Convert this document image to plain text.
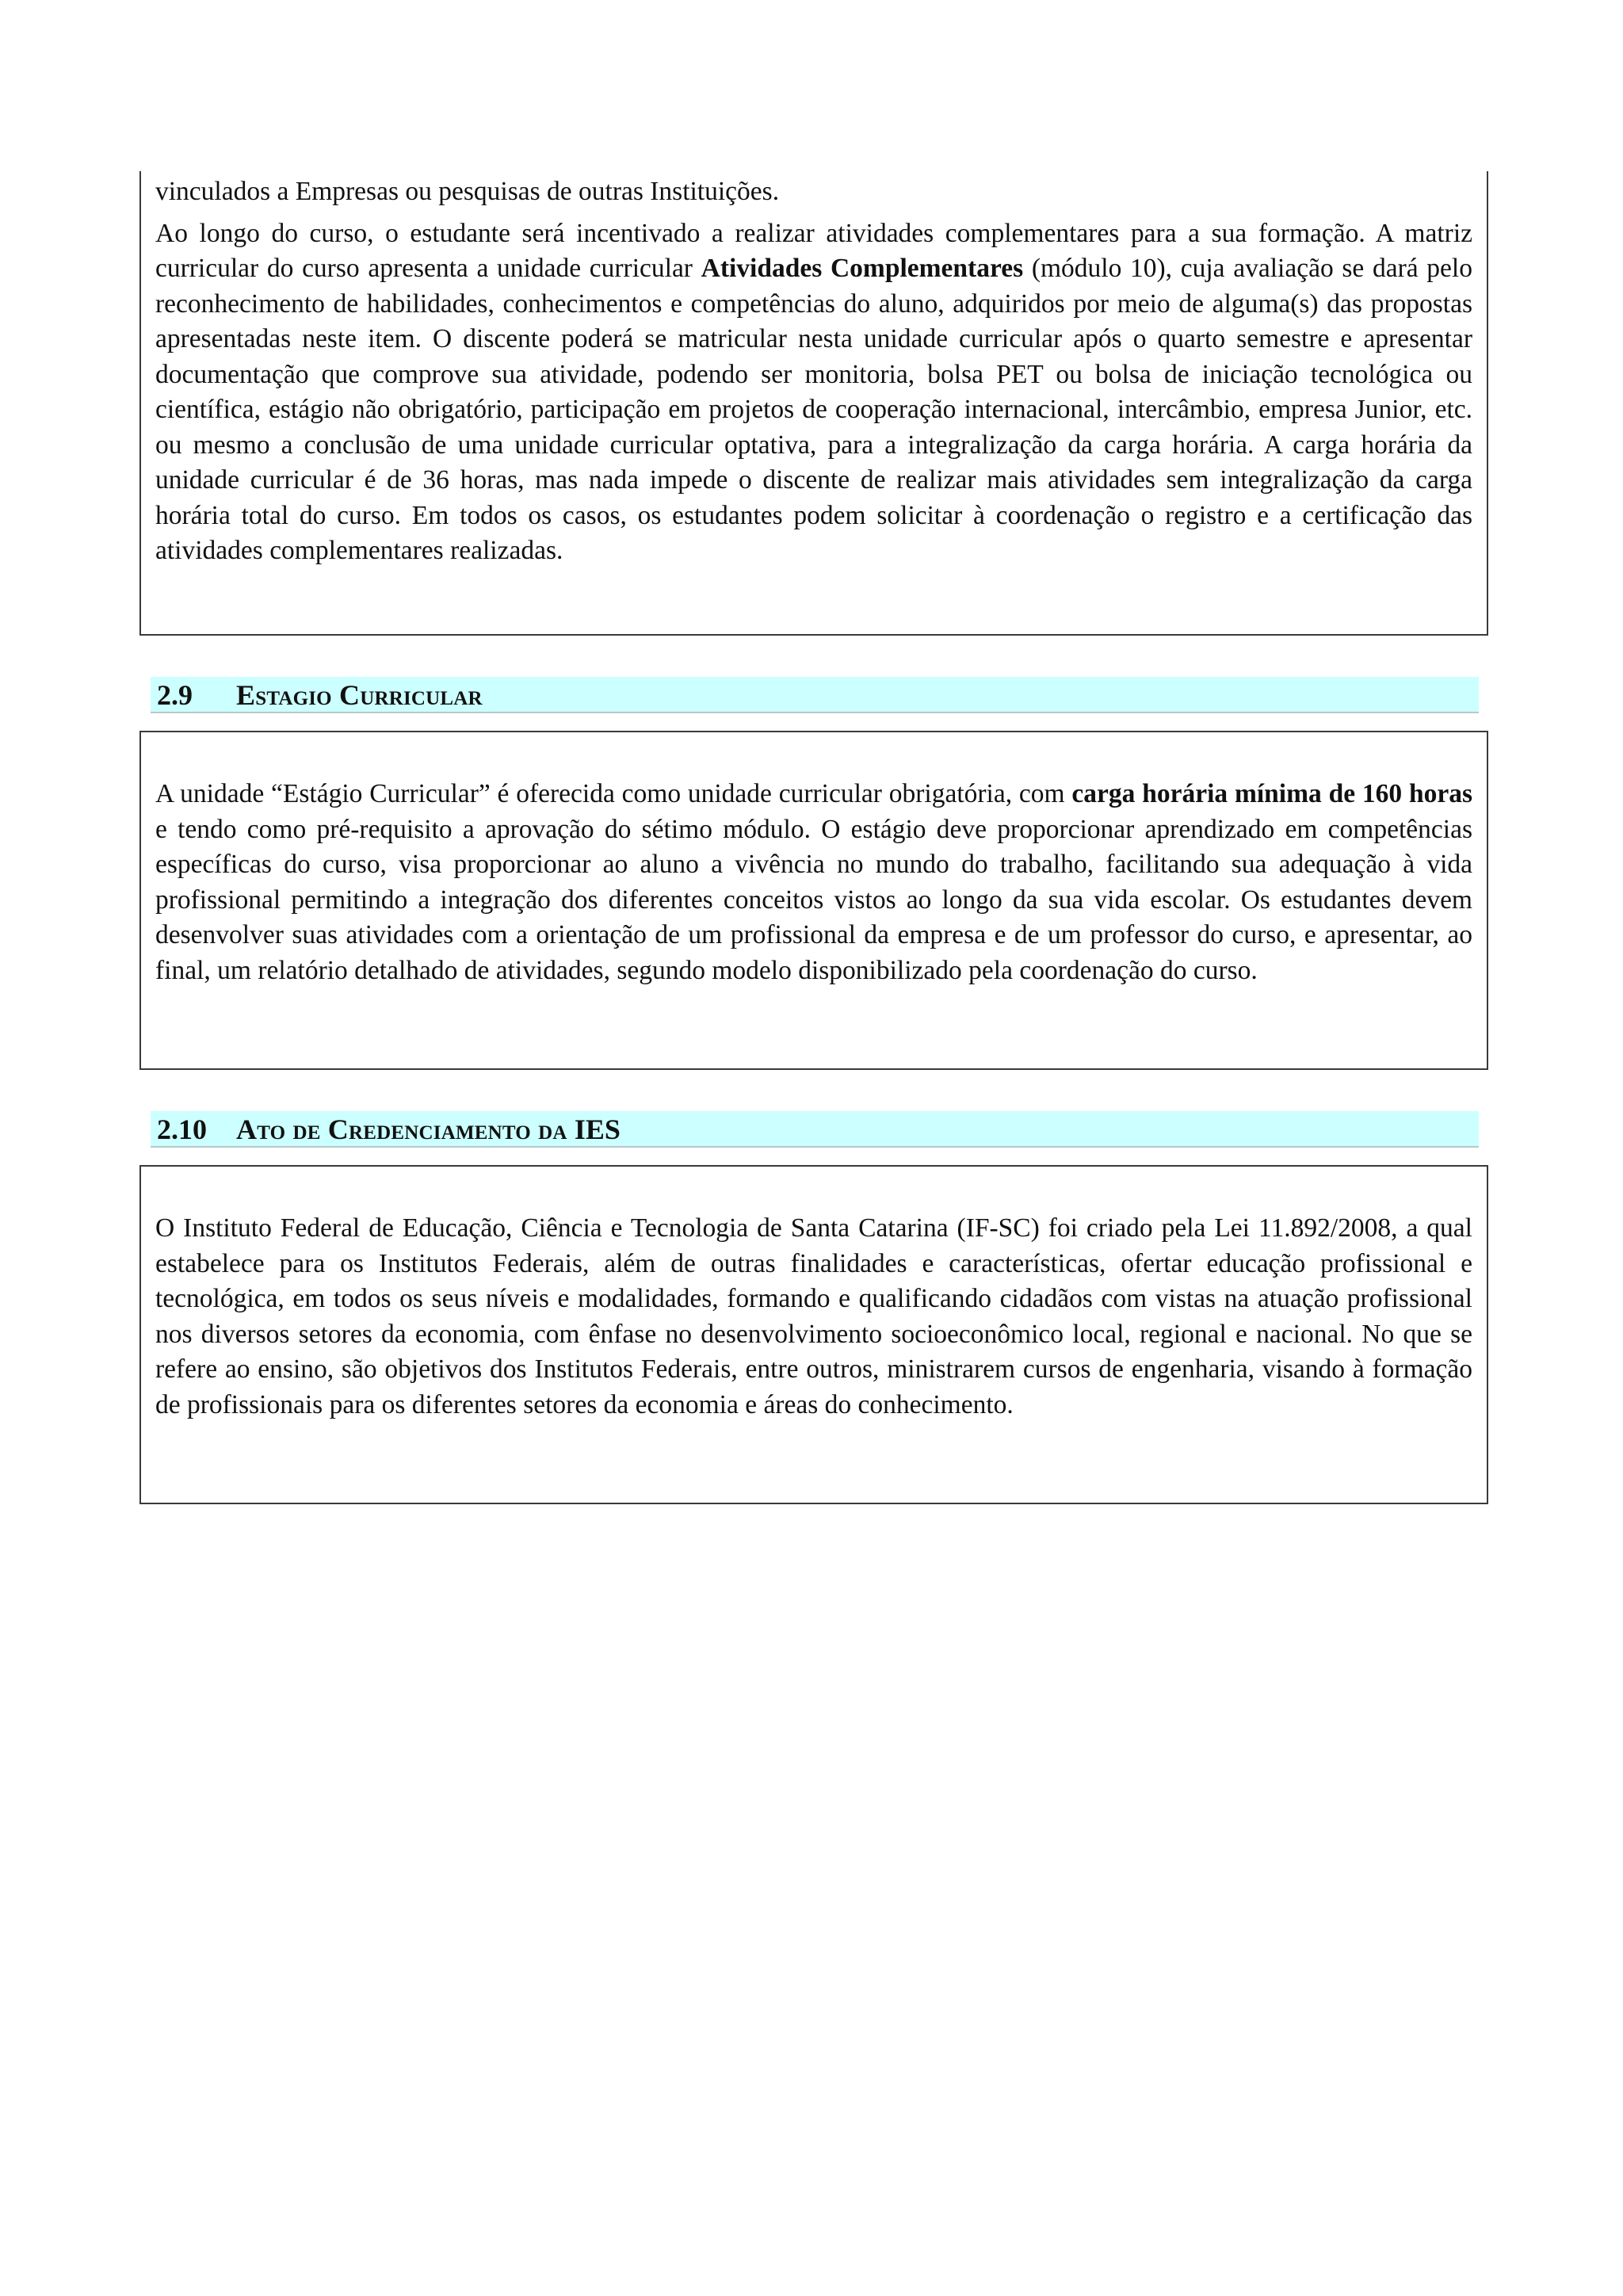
vinculados a Empresas ou pesquisas de outras Instituições.

Ao longo do curso, o estudante será incentivado a realizar atividades complementares para a sua formação. A matriz curricular do curso apresenta a unidade curricular Atividades Complementares (módulo 10), cuja avaliação se dará pelo reconhecimento de habilidades, conhecimentos e competências do aluno, adquiridos por meio de alguma(s) das propostas apresentadas neste item. O discente poderá se matricular nesta unidade curricular após o quarto semestre e apresentar documentação que comprove sua atividade, podendo ser monitoria, bolsa PET ou bolsa de iniciação tecnológica ou científica, estágio não obrigatório, participação em projetos de cooperação internacional, intercâmbio, empresa Junior, etc. ou mesmo a conclusão de uma unidade curricular optativa, para a integralização da carga horária. A carga horária da unidade curricular é de 36 horas, mas nada impede o discente de realizar mais atividades sem integralização da carga horária total do curso. Em todos os casos, os estudantes podem solicitar à coordenação o registro e a certificação das atividades complementares realizadas.

2.9 Estagio Curricular

A unidade “Estágio Curricular” é oferecida como unidade curricular obrigatória, com carga horária mínima de 160 horas e tendo como pré-requisito a aprovação do sétimo módulo. O estágio deve proporcionar aprendizado em competências específicas do curso, visa proporcionar ao aluno a vivência no mundo do trabalho, facilitando sua adequação à vida profissional permitindo a integração dos diferentes conceitos vistos ao longo da sua vida escolar. Os estudantes devem desenvolver suas atividades com a orientação de um profissional da empresa e de um professor do curso, e apresentar, ao final, um relatório detalhado de atividades, segundo modelo disponibilizado pela coordenação do curso.

2.10 Ato de Credenciamento da IES

O Instituto Federal de Educação, Ciência e Tecnologia de Santa Catarina (IF-SC) foi criado pela Lei 11.892/2008, a qual estabelece para os Institutos Federais, além de outras finalidades e características, ofertar educação profissional e tecnológica, em todos os seus níveis e modalidades, formando e qualificando cidadãos com vistas na atuação profissional nos diversos setores da economia, com ênfase no desenvolvimento socioeconômico local, regional e nacional. No que se refere ao ensino, são objetivos dos Institutos Federais, entre outros, ministrarem cursos de engenharia, visando à formação de profissionais para os diferentes setores da economia e áreas do conhecimento.
